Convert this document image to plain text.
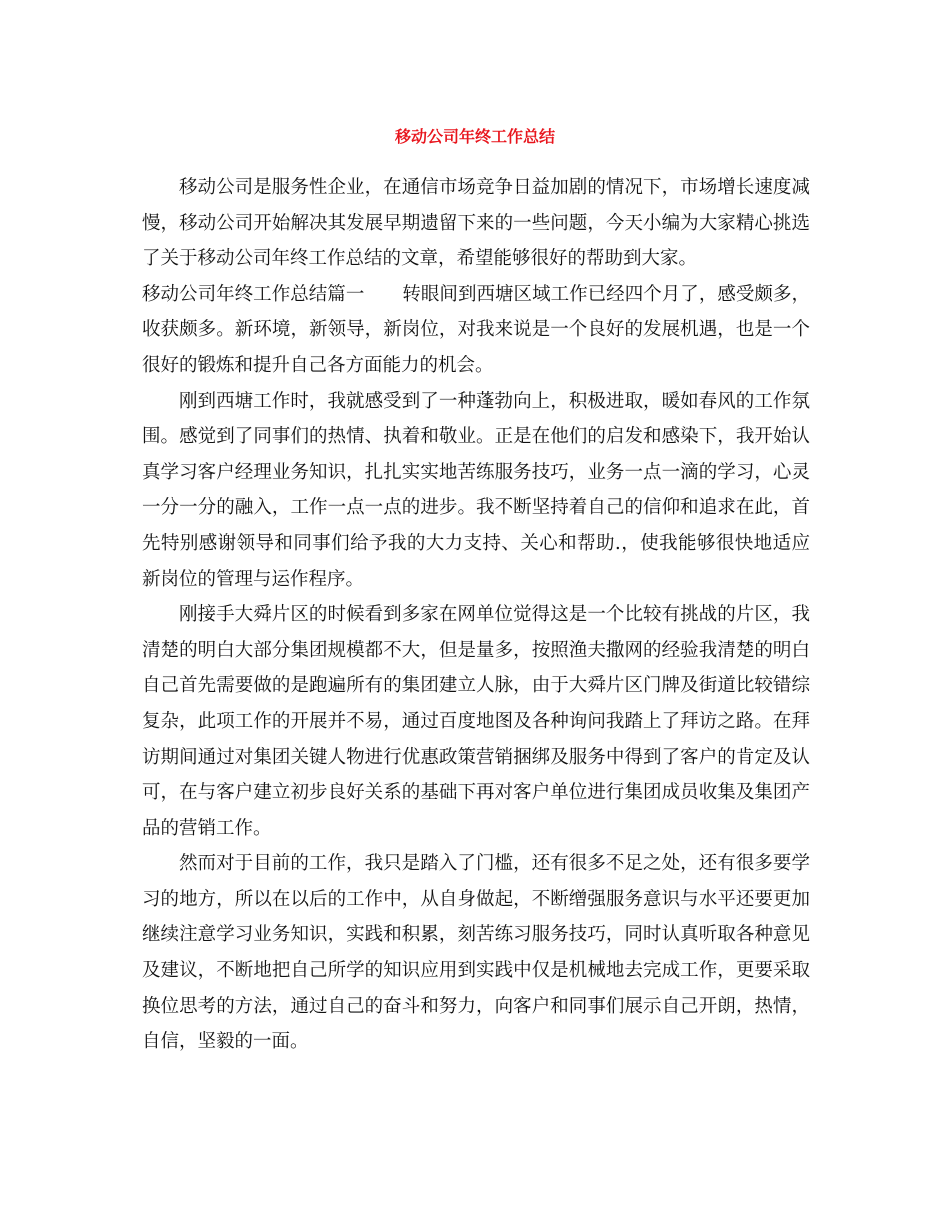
移动公司年终工作总结

移动公司是服务性企业，在通信市场竞争日益加剧的情况下，市场增长速度减慢，移动公司开始解决其发展早期遗留下来的一些问题，今天小编为大家精心挑选了关于移动公司年终工作总结的文章，希望能够很好的帮助到大家。

移动公司年终工作总结篇一 转眼间到西塘区域工作已经四个月了，感受颇多，收获颇多。新环境，新领导，新岗位，对我来说是一个良好的发展机遇，也是一个很好的锻炼和提升自己各方面能力的机会。

刚到西塘工作时，我就感受到了一种蓬勃向上，积极进取，暖如春风的工作氛围。感觉到了同事们的热情、执着和敬业。正是在他们的启发和感染下，我开始认真学习客户经理业务知识，扎扎实实地苦练服务技巧，业务一点一滴的学习，心灵一分一分的融入，工作一点一点的进步。我不断坚持着自己的信仰和追求在此，首先特别感谢领导和同事们给予我的大力支持、关心和帮助.，使我能够很快地适应新岗位的管理与运作程序。

刚接手大舜片区的时候看到多家在网单位觉得这是一个比较有挑战的片区，我清楚的明白大部分集团规模都不大，但是量多，按照渔夫撒网的经验我清楚的明白自己首先需要做的是跑遍所有的集团建立人脉，由于大舜片区门牌及街道比较错综复杂，此项工作的开展并不易，通过百度地图及各种询问我踏上了拜访之路。在拜访期间通过对集团关键人物进行优惠政策营销捆绑及服务中得到了客户的肯定及认可，在与客户建立初步良好关系的基础下再对客户单位进行集团成员收集及集团产品的营销工作。

然而对于目前的工作，我只是踏入了门槛，还有很多不足之处，还有很多要学习的地方，所以在以后的工作中，从自身做起，不断缯强服务意识与水平还要更加继续注意学习业务知识，实践和积累，刻苦练习服务技巧，同时认真听取各种意见及建议，不断地把自己所学的知识应用到实践中仅是机械地去完成工作，更要采取换位思考的方法，通过自己的奋斗和努力，向客户和同事们展示自己开朗，热情，自信，坚毅的一面。
